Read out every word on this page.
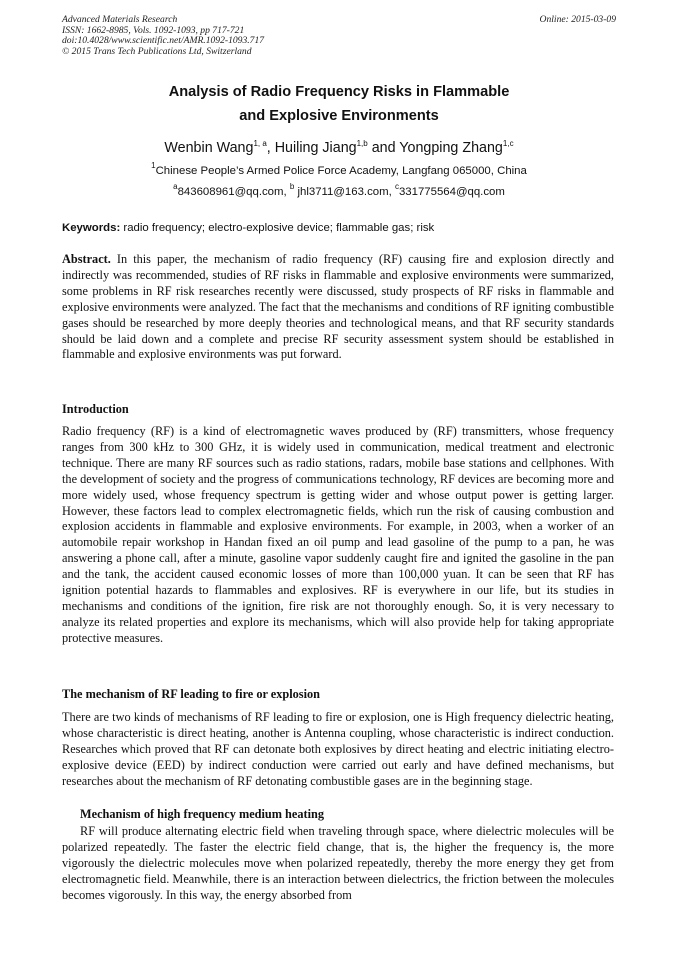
Advanced Materials Research
ISSN: 1662-8985, Vols. 1092-1093, pp 717-721
doi:10.4028/www.scientific.net/AMR.1092-1093.717
© 2015 Trans Tech Publications Ltd, Switzerland
Online: 2015-03-09
Analysis of Radio Frequency Risks in Flammable
and Explosive Environments
Wenbin Wang$^{1, a}$, Huiling Jiang$^{1,b}$ and Yongping Zhang$^{1,c}$
$^1$Chinese People’s Armed Police Force Academy, Langfang 065000, China
$^a$843608961@qq.com, $^b$ jhl3711@163.com, $^c$331775564@qq.com
Keywords: radio frequency; electro-explosive device; flammable gas; risk
Abstract. In this paper, the mechanism of radio frequency (RF) causing fire and explosion directly and indirectly was recommended, studies of RF risks in flammable and explosive environments were summarized, some problems in RF risk researches recently were discussed, study prospects of RF risks in flammable and explosive environments were analyzed. The fact that the mechanisms and conditions of RF igniting combustible gases should be researched by more deeply theories and technological means, and that RF security standards should be laid down and a complete and precise RF security assessment system should be established in flammable and explosive environments was put forward.
Introduction
Radio frequency (RF) is a kind of electromagnetic waves produced by (RF) transmitters, whose frequency ranges from 300 kHz to 300 GHz, it is widely used in communication, medical treatment and electronic technique. There are many RF sources such as radio stations, radars, mobile base stations and cellphones. With the development of society and the progress of communications technology, RF devices are becoming more and more widely used, whose frequency spectrum is getting wider and whose output power is getting larger. However, these factors lead to complex electromagnetic fields, which run the risk of causing combustion and explosion accidents in flammable and explosive environments. For example, in 2003, when a worker of an automobile repair workshop in Handan fixed an oil pump and lead gasoline of the pump to a pan, he was answering a phone call, after a minute, gasoline vapor suddenly caught fire and ignited the gasoline in the pan and the tank, the accident caused economic losses of more than 100,000 yuan. It can be seen that RF has ignition potential hazards to flammables and explosives. RF is everywhere in our life, but its studies in mechanisms and conditions of the ignition, fire risk are not thoroughly enough. So, it is very necessary to analyze its related properties and explore its mechanisms, which will also provide help for taking appropriate protective measures.
The mechanism of RF leading to fire or explosion
There are two kinds of mechanisms of RF leading to fire or explosion, one is High frequency dielectric heating, whose characteristic is direct heating, another is Antenna coupling, whose characteristic is indirect conduction. Researches which proved that RF can detonate both explosives by direct heating and electric initiating electro-explosive device (EED) by indirect conduction were carried out early and have defined mechanisms, but researches about the mechanism of RF detonating combustible gases are in the beginning stage.
Mechanism of high frequency medium heating
RF will produce alternating electric field when traveling through space, where dielectric molecules will be polarized repeatedly. The faster the electric field change, that is, the higher the frequency is, the more vigorously the dielectric molecules move when polarized repeatedly, thereby the more energy they get from electromagnetic field. Meanwhile, there is an interaction between dielectrics, the friction between the molecules becomes vigorously. In this way, the energy absorbed from
